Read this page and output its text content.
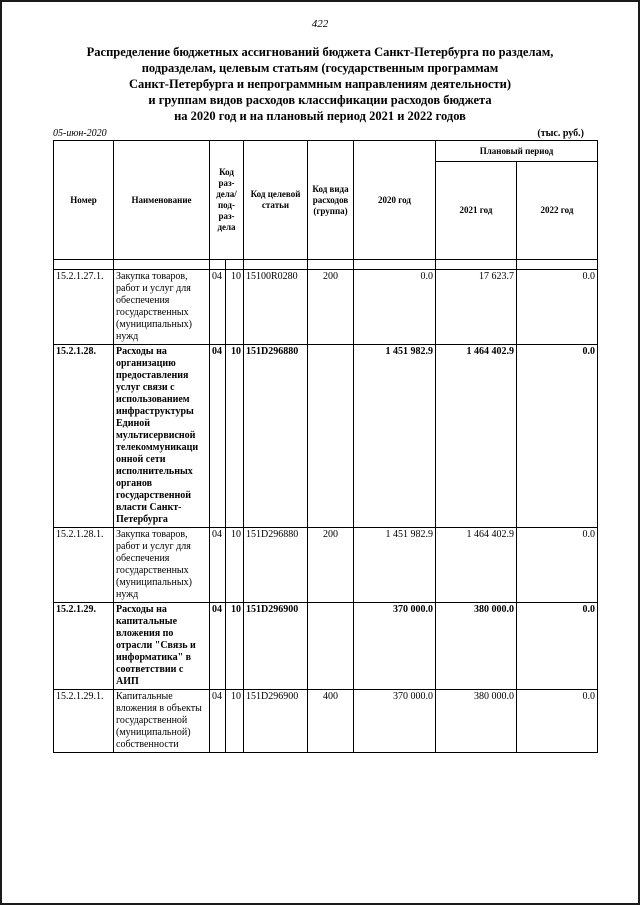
422
Распределение бюджетных ассигнований бюджета Санкт-Петербурга по разделам,
подразделам, целевым статьям (государственным программам
Санкт-Петербурга и непрограммным направлениям деятельности)
и группам видов расходов классификации расходов бюджета
на 2020 год и на плановый период 2021 и 2022 годов
05-июн-2020	(тыс. руб.)
Номер	Наименование	Код раз-дела/ под-раз-дела		Код целевой статьи	Код вида расходов (группа)	2020 год	Плановый период	
							2021 год	2022 год

15.2.1.27.1.	Закупка товаров, работ и услуг для обеспечения государственных (муниципальных) нужд	04	10	15100R0280	200	0.0	17 623.7	0.0
15.2.1.28.	Расходы на организацию предоставления услуг связи с использованием инфраструктуры Единой мультисервисной телекоммуникаци онной сети исполнительных органов государственной власти Санкт-Петербурга	04	10	151D296880		1 451 982.9	1 464 402.9	0.0
15.2.1.28.1.	Закупка товаров, работ и услуг для обеспечения государственных (муниципальных) нужд	04	10	151D296880	200	1 451 982.9	1 464 402.9	0.0
15.2.1.29.	Расходы на капитальные вложения по отрасли "Связь и информатика" в соответствии с АИП	04	10	151D296900		370 000.0	380 000.0	0.0
15.2.1.29.1.	Капитальные вложения в объекты государственной (муниципальной) собственности	04	10	151D296900	400	370 000.0	380 000.0	0.0
